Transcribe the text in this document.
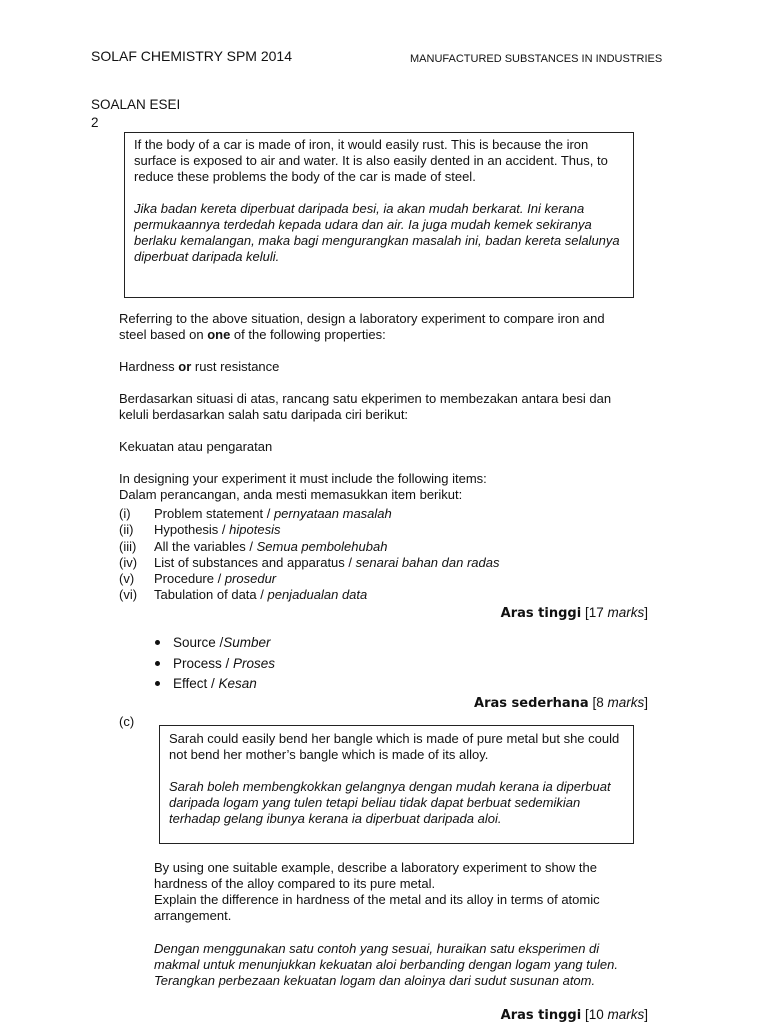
SOLAF CHEMISTRY SPM 2014	MANUFACTURED SUBSTANCES IN INDUSTRIES
SOALAN ESEI
2

If the body of a car is made of iron, it would easily rust. This is because the iron surface is exposed to air and water. It is also easily dented in an accident. Thus, to reduce these problems the body of the car is made of steel.

Jika badan kereta diperbuat daripada besi, ia akan mudah berkarat. Ini kerana permukaannya terdedah kepada udara dan air. Ia juga mudah kemek sekiranya berlaku kemalangan, maka bagi mengurangkan masalah ini, badan kereta selalunya diperbuat daripada keluli.

Referring to the above situation, design a laboratory experiment to compare iron and
steel based on one of the following properties:
Hardness or rust resistance
Berdasarkan situasi di atas, rancang satu ekperimen to membezakan antara besi dan
keluli berdasarkan salah satu daripada ciri berikut:
Kekuatan atau pengaratan
In designing your experiment it must include the following items:
Dalam perancangan, anda mesti memasukkan item berikut:
(i) Problem statement / pernyataan masalah
(ii) Hypothesis / hipotesis
(iii) All the variables / Semua pembolehubah
(iv) List of substances and apparatus / senarai bahan dan radas
(v) Procedure / prosedur
(vi) Tabulation of data / penjadualan data
Aras tinggi [17 marks]
Source /Sumber
Process / Proses
Effect / Kesan
Aras sederhana [8 marks]
(c)

Sarah could easily bend her bangle which is made of pure metal but she could not bend her mother’s bangle which is made of its alloy.

Sarah boleh membengkokkan gelangnya dengan mudah kerana ia diperbuat daripada logam yang tulen tetapi beliau tidak dapat berbuat sedemikian terhadap gelang ibunya kerana ia diperbuat daripada aloi.

By using one suitable example, describe a laboratory experiment to show the
hardness of the alloy compared to its pure metal.
Explain the difference in hardness of the metal and its alloy in terms of atomic
arrangement.

Dengan menggunakan satu contoh yang sesuai, huraikan satu eksperimen di makmal untuk menunjukkan kekuatan aloi berbanding dengan logam yang tulen. Terangkan perbezaan kekuatan logam dan aloinya dari sudut susunan atom.

Aras tinggi [10 marks]
